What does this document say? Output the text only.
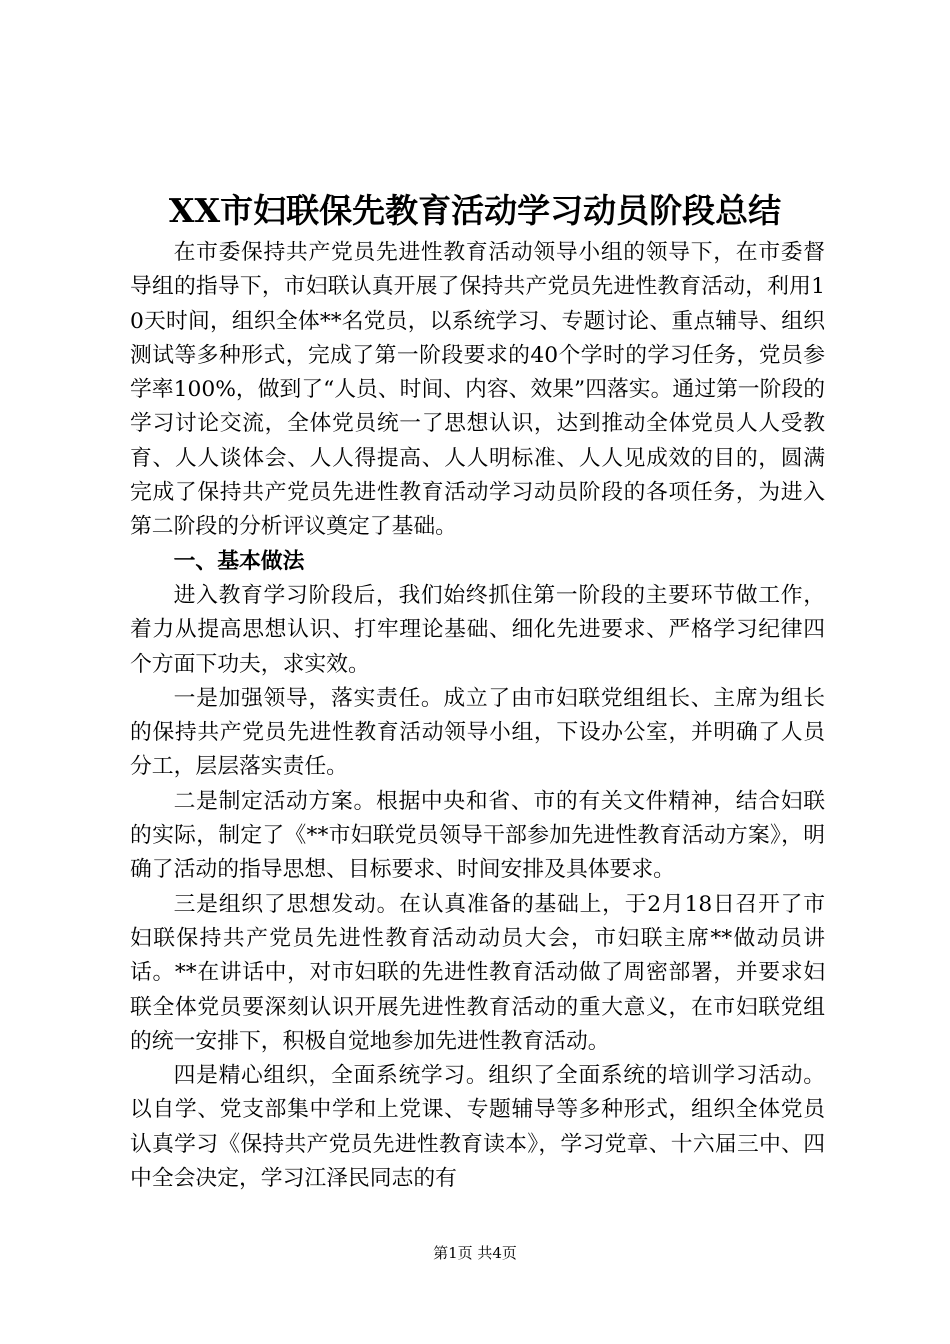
XX市妇联保先教育活动学习动员阶段总结

在市委保持共产党员先进性教育活动领导小组的领导下，在市委督导组的指导下，市妇联认真开展了保持共产党员先进性教育活动，利用10天时间，组织全体**名党员，以系统学习、专题讨论、重点辅导、组织测试等多种形式，完成了第一阶段要求的40个学时的学习任务，党员参学率100%，做到了“人员、时间、内容、效果”四落实。通过第一阶段的学习讨论交流，全体党员统一了思想认识，达到推动全体党员人人受教育、人人谈体会、人人得提高、人人明标准、人人见成效的目的，圆满完成了保持共产党员先进性教育活动学习动员阶段的各项任务，为进入第二阶段的分析评议奠定了基础。

一、基本做法

进入教育学习阶段后，我们始终抓住第一阶段的主要环节做工作，着力从提高思想认识、打牢理论基础、细化先进要求、严格学习纪律四个方面下功夫，求实效。

一是加强领导，落实责任。成立了由市妇联党组组长、主席为组长的保持共产党员先进性教育活动领导小组，下设办公室，并明确了人员分工，层层落实责任。

二是制定活动方案。根据中央和省、市的有关文件精神，结合妇联的实际，制定了《**市妇联党员领导干部参加先进性教育活动方案》，明确了活动的指导思想、目标要求、时间安排及具体要求。

三是组织了思想发动。在认真准备的基础上，于2月18日召开了市妇联保持共产党员先进性教育活动动员大会，市妇联主席**做动员讲话。**在讲话中，对市妇联的先进性教育活动做了周密部署，并要求妇联全体党员要深刻认识开展先进性教育活动的重大意义，在市妇联党组的统一安排下，积极自觉地参加先进性教育活动。

四是精心组织，全面系统学习。组织了全面系统的培训学习活动。以自学、党支部集中学和上党课、专题辅导等多种形式，组织全体党员认真学习《保持共产党员先进性教育读本》，学习党章、十六届三中、四中全会决定，学习江泽民同志的有

第1页 共4页
